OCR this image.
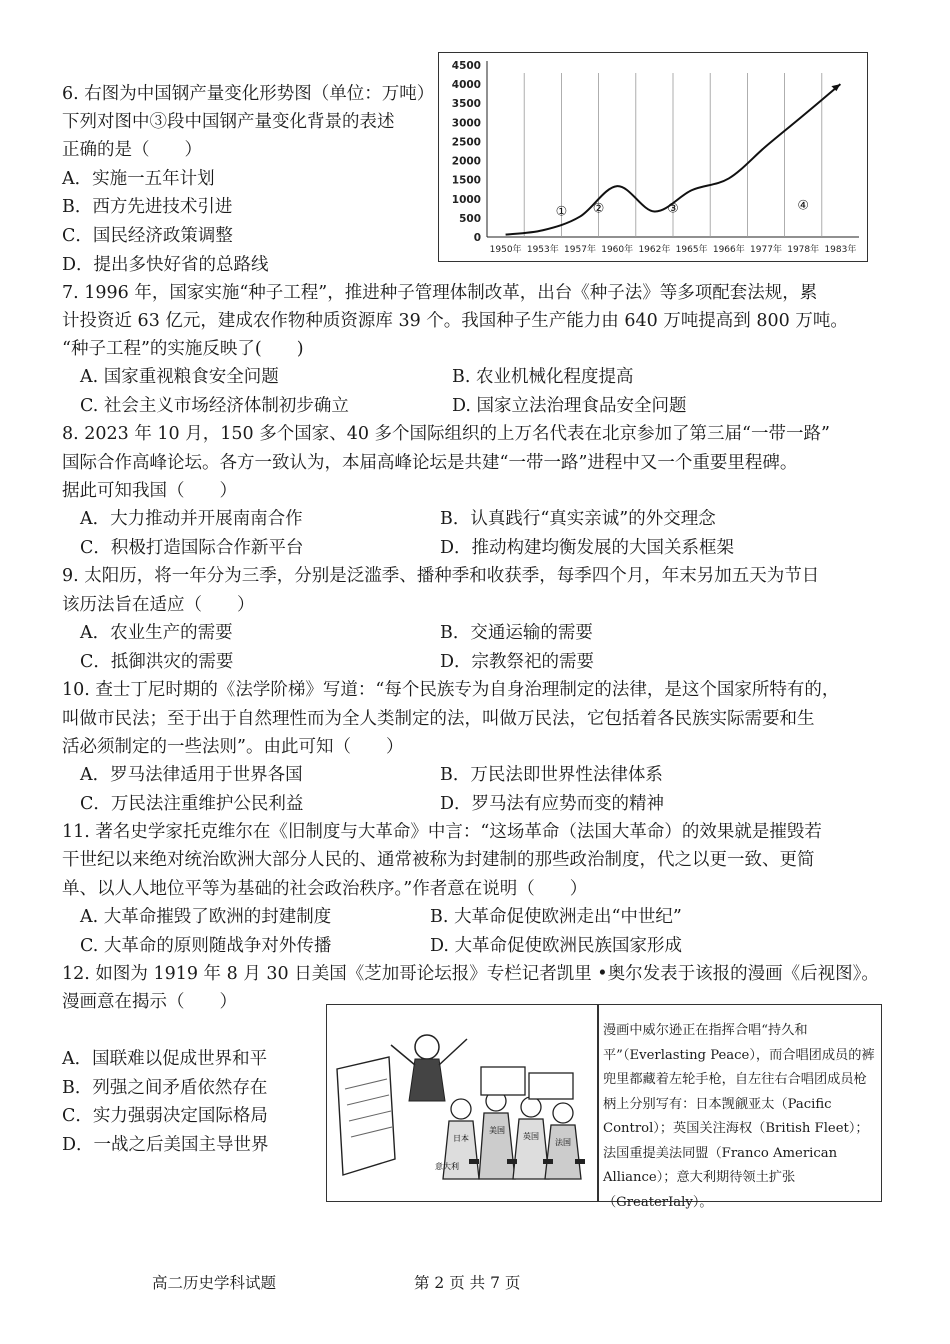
6. 右图为中国钢产量变化形势图（单位：万吨）
下列对图中③段中国钢产量变化背景的表述
正确的是（　　）
A．实施一五年计划
B．西方先进技术引进
C．国民经济政策调整
D．提出多快好省的总路线
0
500
1000
1500
2000
2500
3000
3500
4000
4500
1950年 1953年 1957年 1960年 1962年 1965年 1966年 1977年 1978年 1983年
① ②	③	④
7. 1996 年，国家实施“种子工程”，推进种子管理体制改革，出台《种子法》等多项配套法规，累
计投资近 63 亿元，建成农作物种质资源库 39 个。我国种子生产能力由 640 万吨提高到 800 万吨。
“种子工程”的实施反映了(　　)
A. 国家重视粮食安全问题	B. 农业机械化程度提高
C. 社会主义市场经济体制初步确立	D. 国家立法治理食品安全问题
8. 2023 年 10 月，150 多个国家、40 多个国际组织的上万名代表在北京参加了第三届“一带一路”
国际合作高峰论坛。各方一致认为，本届高峰论坛是共建“一带一路”进程中又一个重要里程碑。
据此可知我国（　　）
A．大力推动并开展南南合作	B．认真践行“真实亲诚”的外交理念
C．积极打造国际合作新平台	D．推动构建均衡发展的大国关系框架
9. 太阳历，将一年分为三季，分别是泛滥季、播种季和收获季，每季四个月，年末另加五天为节日
该历法旨在适应（　　）
A．农业生产的需要	B．交通运输的需要
C．抵御洪灾的需要	D．宗教祭祀的需要
10. 查士丁尼时期的《法学阶梯》写道：“每个民族专为自身治理制定的法律，是这个国家所特有的，
叫做市民法；至于出于自然理性而为全人类制定的法，叫做万民法，它包括着各民族实际需要和生
活必须制定的一些法则”。由此可知（　　）
A．罗马法律适用于世界各国	B．万民法即世界性法律体系
C．万民法注重维护公民利益	D．罗马法有应势而变的精神
11. 著名史学家托克维尔在《旧制度与大革命》中言：“这场革命（法国大革命）的效果就是摧毁若
干世纪以来绝对统治欧洲大部分人民的、通常被称为封建制的那些政治制度，代之以更一致、更简
单、以人人地位平等为基础的社会政治秩序。”作者意在说明（　　）
A. 大革命摧毁了欧洲的封建制度	B. 大革命促使欧洲走出“中世纪”
C. 大革命的原则随战争对外传播	D. 大革命促使欧洲民族国家形成
12. 如图为 1919 年 8 月 30 日美国《芝加哥论坛报》专栏记者凯里 •奥尔发表于该报的漫画《后视图》。
漫画意在揭示（　　）
A．国联难以促成世界和平
B．列强之间矛盾依然存在
C．实力强弱决定国际格局
D．一战之后美国主导世界	日本
美国
英国
法国
意大利
漫画中威尔逊正在指挥合唱“持久和平”（Everlasting Peace），而合唱团成员的裤兜里都藏着左轮手枪，自左往右合唱团成员枪柄上分别写有：日本觊觎亚太（Pacific Control）；英国关注海权（British Fleet）；法国重提美法同盟（Franco American Alliance）；意大利期待领土扩张（GreaterIaly）。
高二历史学科试题	第 2 页 共 7 页
